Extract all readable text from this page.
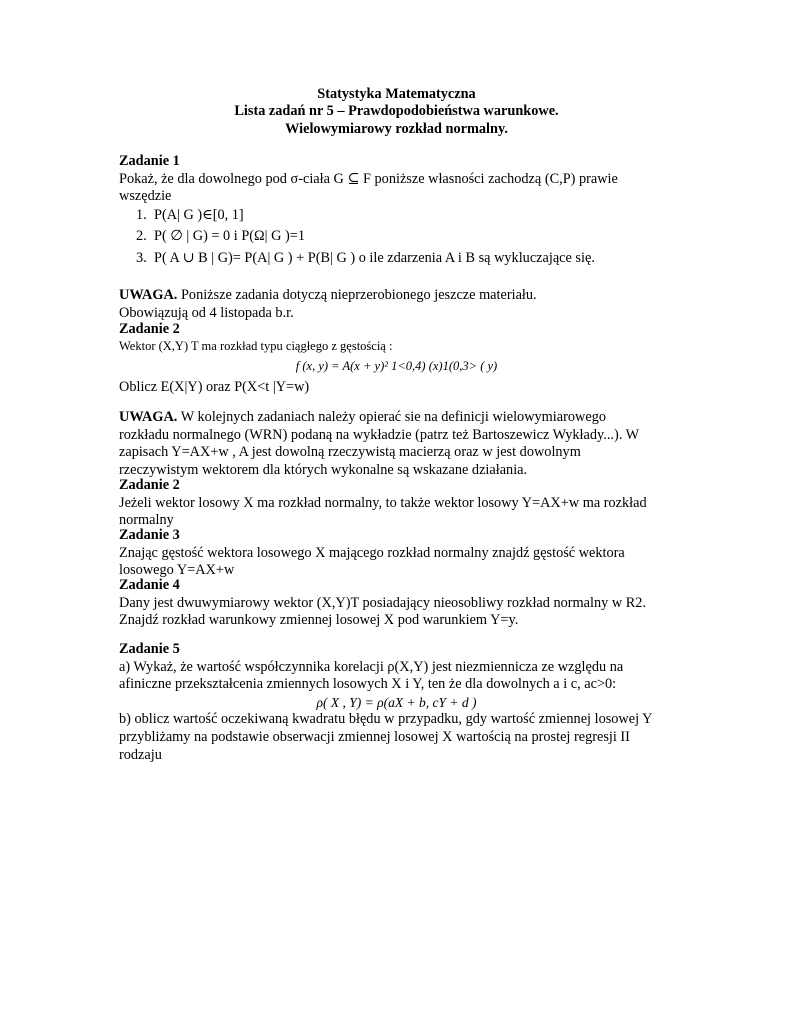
Statystyka Matematyczna
Lista zadań nr 5 – Prawdopodobieństwa warunkowe.
Wielowymiarowy rozkład normalny.
Zadanie 1
Pokaż, że dla dowolnego pod σ-ciała G ⊆ F poniższe własności zachodzą (C,P) prawie
wszędzie
1. P(A| G )∈[0, 1]
2. P( ∅ | G) = 0 i P(Ω| G )=1
3. P( A ∪ B | G)= P(A| G ) + P(B| G ) o ile zdarzenia A i B są wykluczające się.
UWAGA. Poniższe zadania dotyczą nieprzerobionego jeszcze materiału.
Obowiązują od 4 listopada b.r.
Zadanie 2
Wektor (X,Y) T ma rozkład typu ciągłego z gęstością :
f (x, y) = A(x + y)² 1<0,4) (x)1(0,3> ( y)
Oblicz E(X|Y) oraz P(X<t |Y=w)
UWAGA. W kolejnych zadaniach należy opierać sie na definicji wielowymiarowego
rozkładu normalnego (WRN) podaną na wykładzie (patrz też Bartoszewicz Wykłady...). W
zapisach Y=AX+w , A jest dowolną rzeczywistą macierzą oraz w jest dowolnym
rzeczywistym wektorem dla których wykonalne są wskazane działania.
Zadanie 2
Jeżeli wektor losowy X ma rozkład normalny, to także wektor losowy Y=AX+w ma rozkład
normalny
Zadanie 3
Znając gęstość wektora losowego X mającego rozkład normalny znajdź gęstość wektora
losowego Y=AX+w
Zadanie 4
Dany jest dwuwymiarowy wektor (X,Y)T posiadający nieosobliwy rozkład normalny w R2.
Znajdź rozkład warunkowy zmiennej losowej X pod warunkiem Y=y.
Zadanie 5
a) Wykaż, że wartość współczynnika korelacji ρ(X,Y) jest niezmiennicza ze względu na
afiniczne przekształcenia zmiennych losowych X i Y, ten że dla dowolnych a i c, ac>0:
ρ( X , Y) = ρ(aX + b, cY + d )
b) oblicz wartość oczekiwaną kwadratu błędu w przypadku, gdy wartość zmiennej losowej Y
przybliżamy na podstawie obserwacji zmiennej losowej X wartością na prostej regresji II
rodzaju
